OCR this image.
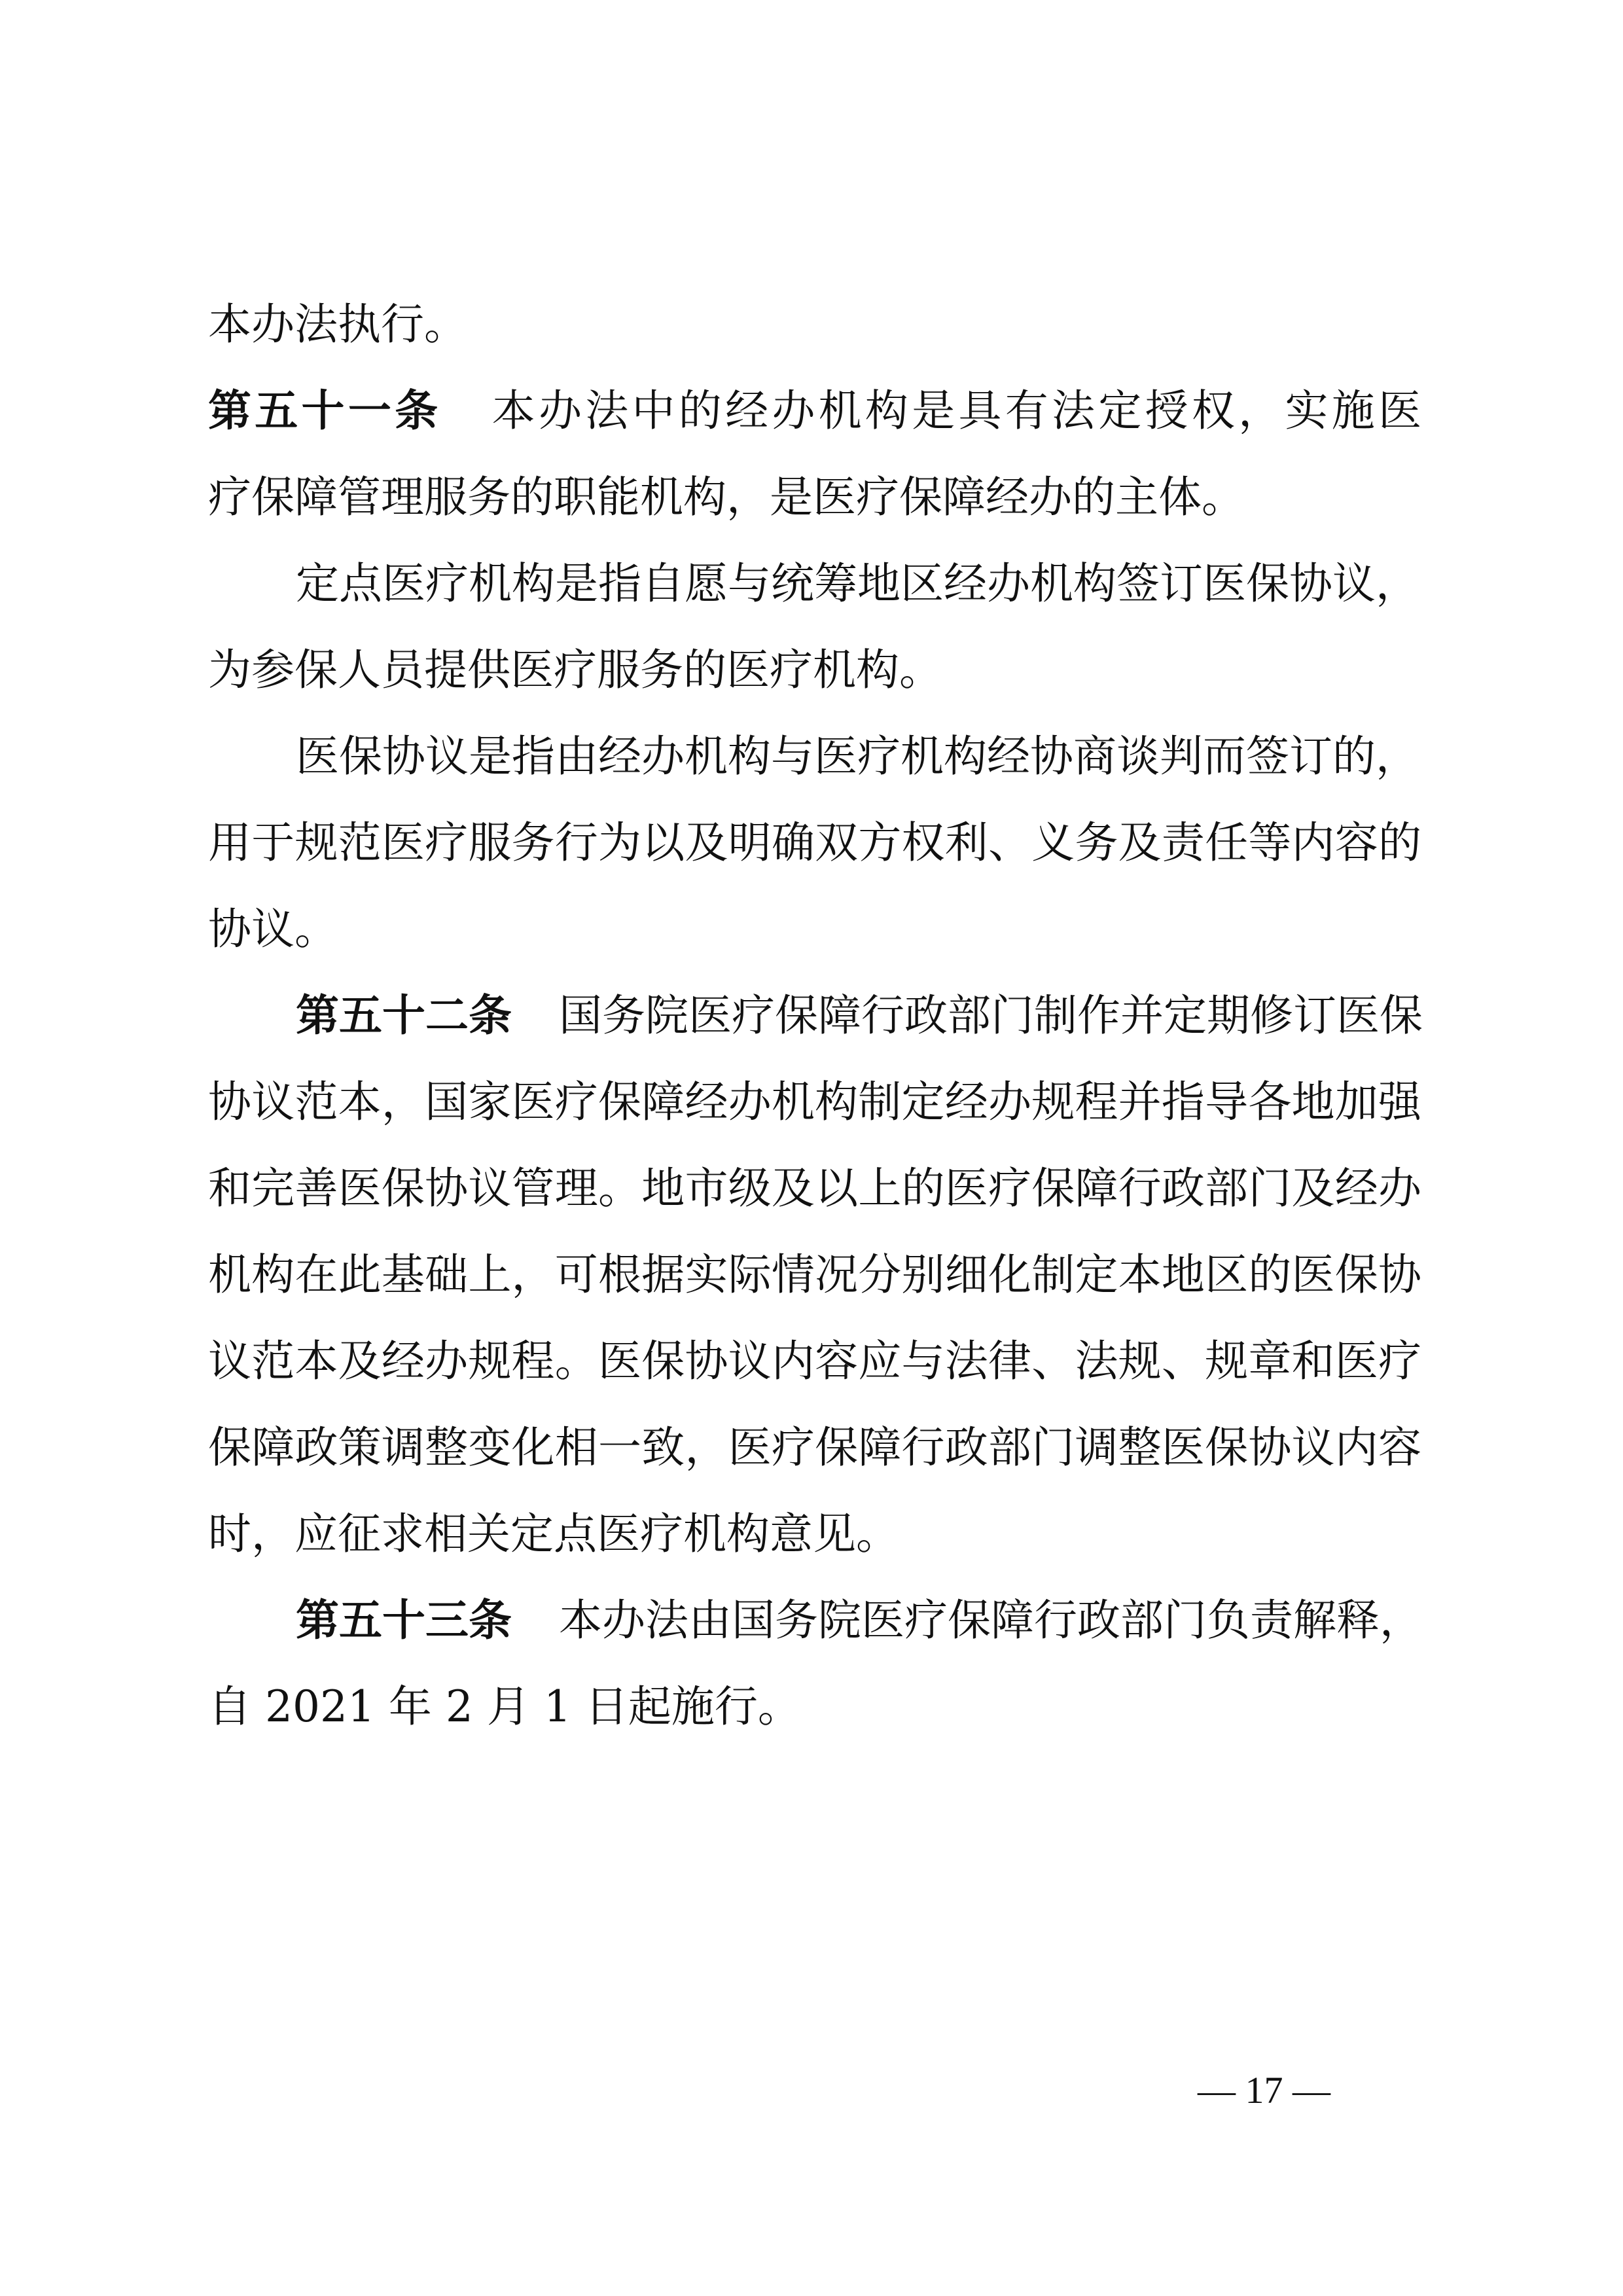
本办法执行。
第五十一条 本办法中的经办机构是具有法定授权，实施医
疗保障管理服务的职能机构，是医疗保障经办的主体。
定点医疗机构是指自愿与统筹地区经办机构签订医保协议，
为参保人员提供医疗服务的医疗机构。
医保协议是指由经办机构与医疗机构经协商谈判而签订的，
用于规范医疗服务行为以及明确双方权利、义务及责任等内容的
协议。
第五十二条 国务院医疗保障行政部门制作并定期修订医保
协议范本，国家医疗保障经办机构制定经办规程并指导各地加强
和完善医保协议管理。地市级及以上的医疗保障行政部门及经办
机构在此基础上，可根据实际情况分别细化制定本地区的医保协
议范本及经办规程。医保协议内容应与法律、法规、规章和医疗
保障政策调整变化相一致，医疗保障行政部门调整医保协议内容
时，应征求相关定点医疗机构意见。
第五十三条 本办法由国务院医疗保障行政部门负责解释，
自 2021 年 2 月 1 日起施行。
— 17 —
